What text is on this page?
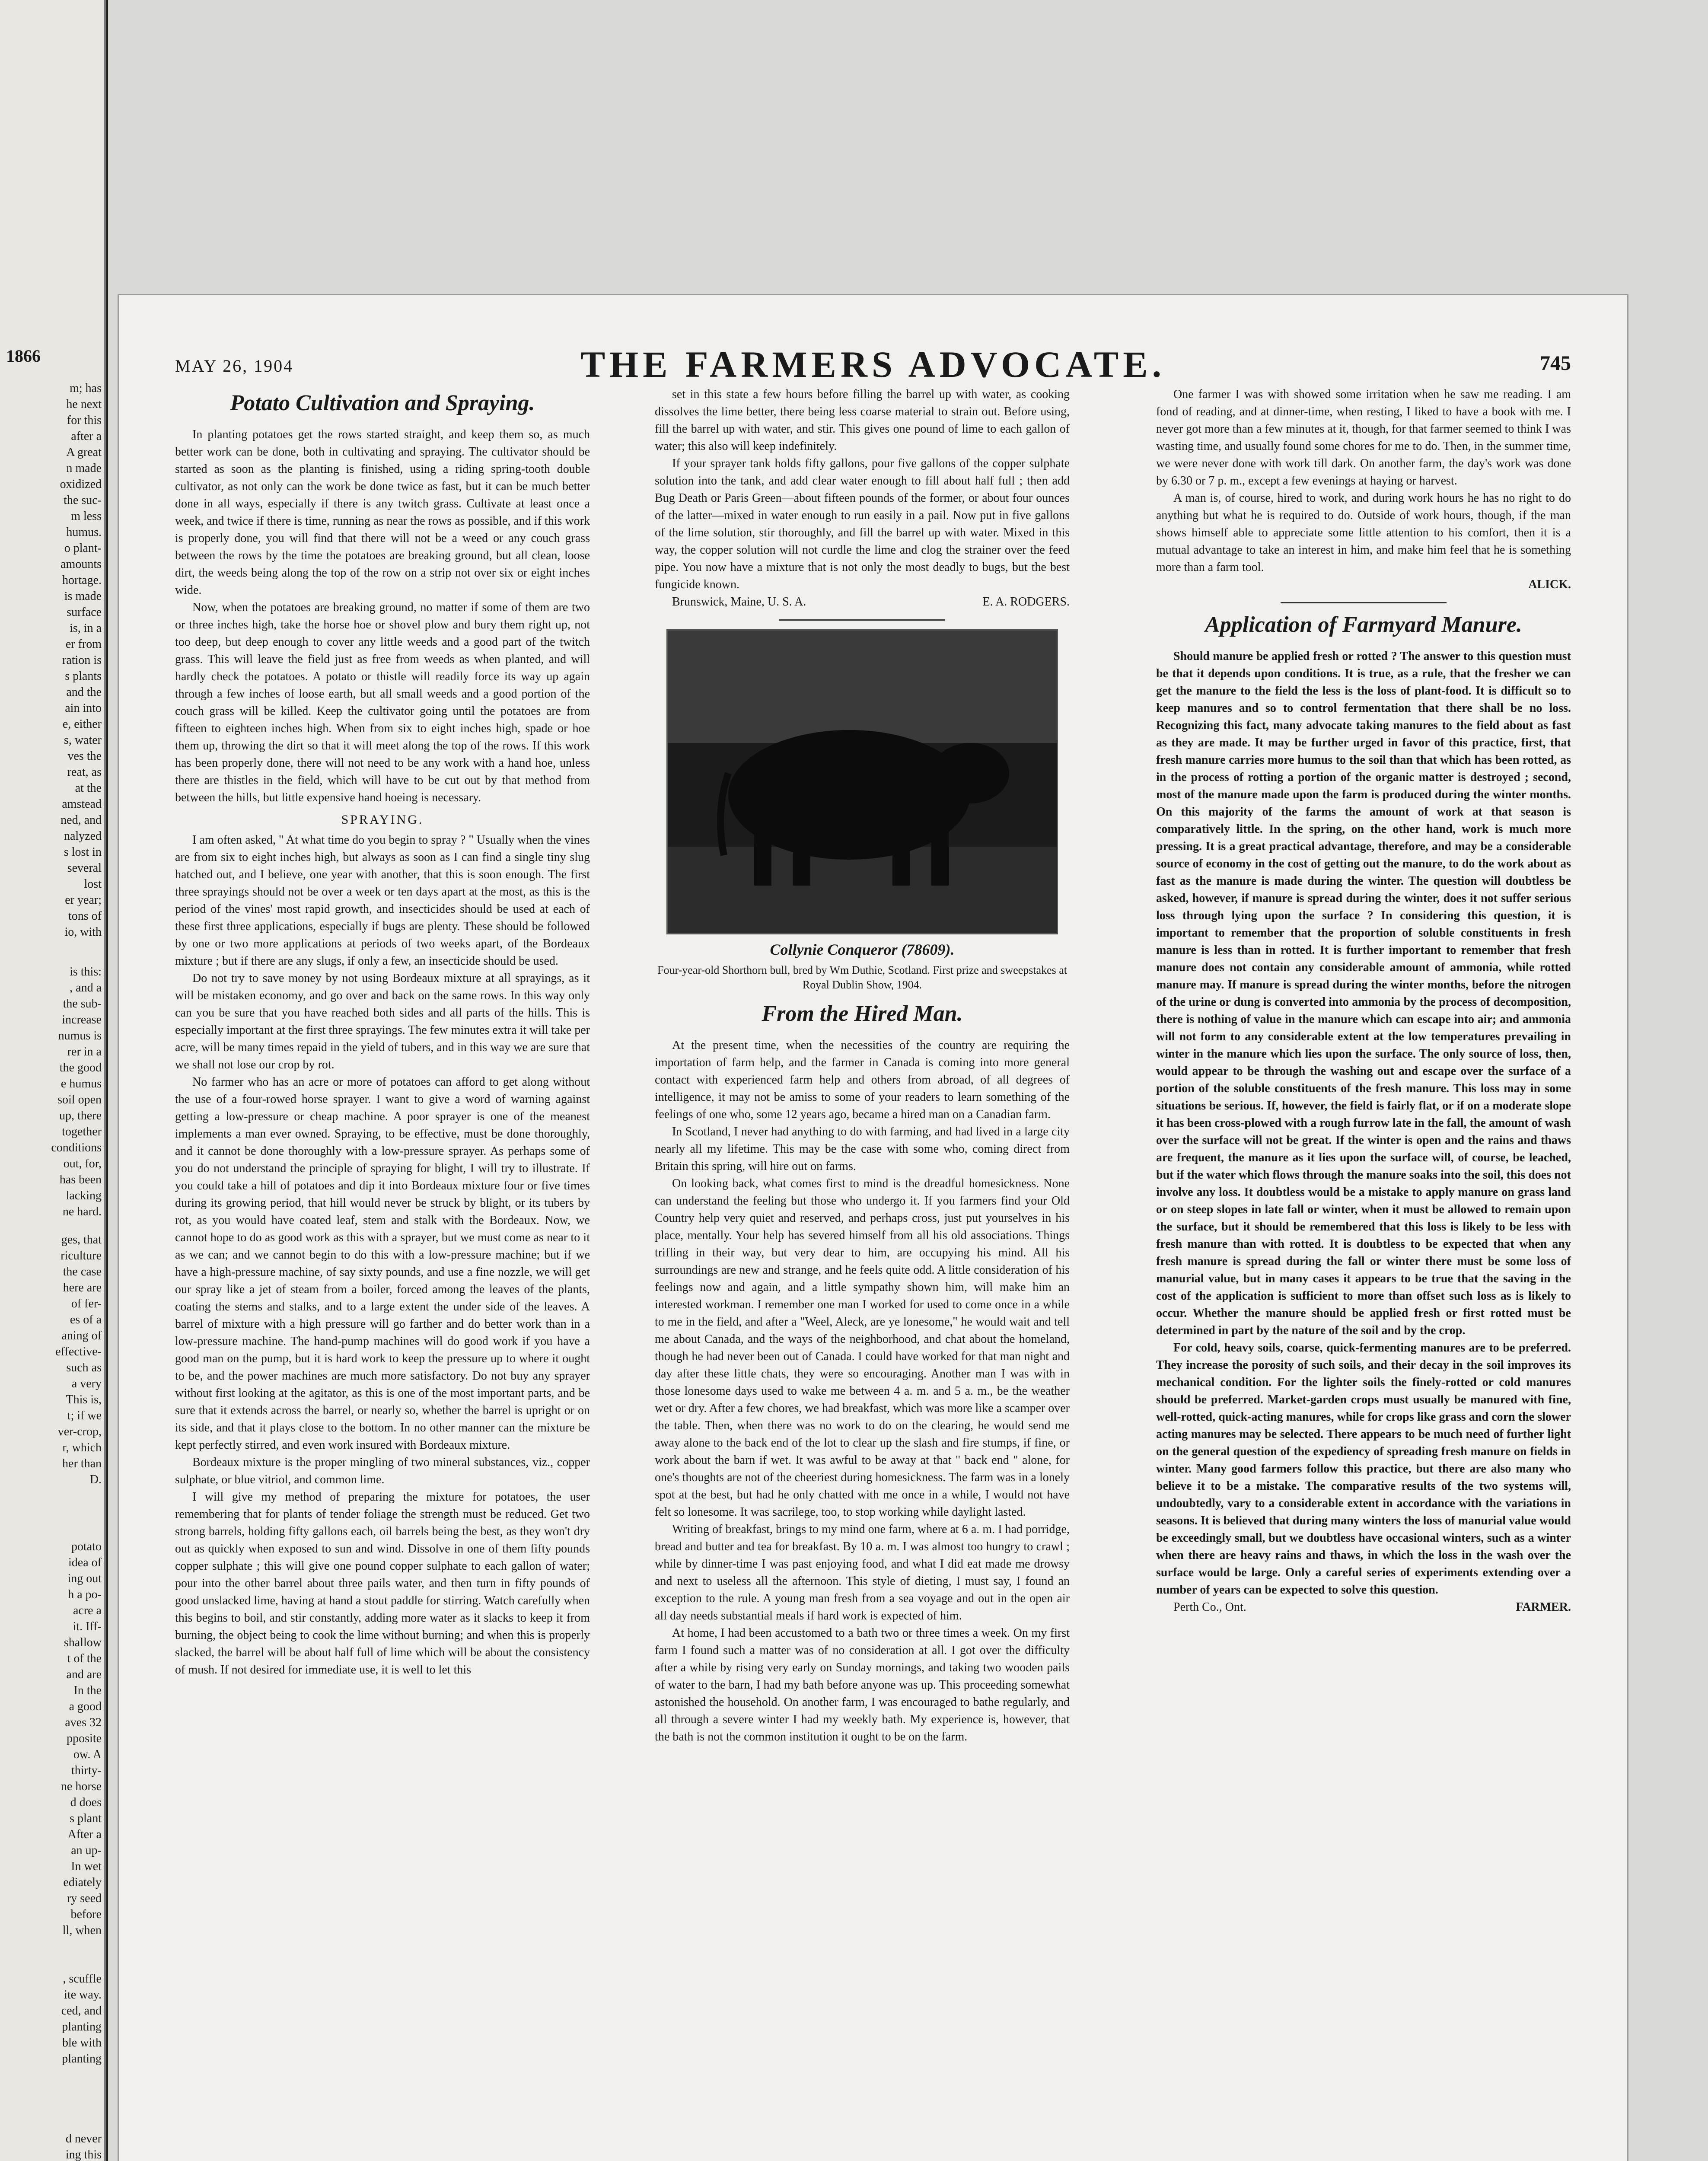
1866
m; has
he next
for this
after a
A great
n made
oxidized
the suc-
m less
humus.
o plant-
amounts
hortage.
is made
surface
is, in a
er from
ration is
s plants
and the
ain into
e, either
s, water
ves the
reat, as
at the
amstead
ned, and
nalyzed
s lost in
several
lost
er year;
tons of
io, with
is this:
, and a
the sub-
increase
numus is
rer in a
the good
e humus
soil open
up, there
together
conditions
out, for,
has been
lacking
ne hard.
ges, that
riculture
the case
here are
of fer-
es of a
aning of
effective-
such as
a very
This is,
t; if we
ver-crop,
r, which
her than
D.
potato
idea of
ing out
h a po-
acre a
it. Iff-
shallow
t of the
and are
In the
a good
aves 32
pposite
ow. A
thirty-
ne horse
d does
s plant
After a
an up-
In wet
ediately
ry seed
before
ll, when
, scuffle
ite way.
ced, and
planting
ble with
planting
d never
ing this

MAY 26, 1904	THE FARMERS ADVOCATE.	745
Potato Cultivation and Spraying.

In planting potatoes get the rows started straight, and keep them so, as much better work can be done, both in cultivating and spraying. The cultivator should be started as soon as the planting is finished, using a riding spring-tooth double cultivator, as not only can the work be done twice as fast, but it can be much better done in all ways, especially if there is any twitch grass. Cultivate at least once a week, and twice if there is time, running as near the rows as possible, and if this work is properly done, you will find that there will not be a weed or any couch grass between the rows by the time the potatoes are breaking ground, but all clean, loose dirt, the weeds being along the top of the row on a strip not over six or eight inches wide.

Now, when the potatoes are breaking ground, no matter if some of them are two or three inches high, take the horse hoe or shovel plow and bury them right up, not too deep, but deep enough to cover any little weeds and a good part of the twitch grass. This will leave the field just as free from weeds as when planted, and will hardly check the potatoes. A potato or thistle will readily force its way up again through a few inches of loose earth, but all small weeds and a good portion of the couch grass will be killed. Keep the cultivator going until the potatoes are from fifteen to eighteen inches high. When from six to eight inches high, spade or hoe them up, throwing the dirt so that it will meet along the top of the rows. If this work has been properly done, there will not need to be any work with a hand hoe, unless there are thistles in the field, which will have to be cut out by that method from between the hills, but little expensive hand hoeing is necessary.

SPRAYING.

I am often asked, " At what time do you begin to spray ? " Usually when the vines are from six to eight inches high, but always as soon as I can find a single tiny slug hatched out, and I believe, one year with another, that this is soon enough. The first three sprayings should not be over a week or ten days apart at the most, as this is the period of the vines' most rapid growth, and insecticides should be used at each of these first three applications, especially if bugs are plenty. These should be followed by one or two more applications at periods of two weeks apart, of the Bordeaux mixture ; but if there are any slugs, if only a few, an insecticide should be used.

Do not try to save money by not using Bordeaux mixture at all sprayings, as it will be mistaken economy, and go over and back on the same rows. In this way only can you be sure that you have reached both sides and all parts of the hills. This is especially important at the first three sprayings. The few minutes extra it will take per acre, will be many times repaid in the yield of tubers, and in this way we are sure that we shall not lose our crop by rot.

No farmer who has an acre or more of potatoes can afford to get along without the use of a four-rowed horse sprayer. I want to give a word of warning against getting a low-pressure or cheap machine. A poor sprayer is one of the meanest implements a man ever owned. Spraying, to be effective, must be done thoroughly, and it cannot be done thoroughly with a low-pressure sprayer. As perhaps some of you do not understand the principle of spraying for blight, I will try to illustrate. If you could take a hill of potatoes and dip it into Bordeaux mixture four or five times during its growing period, that hill would never be struck by blight, or its tubers by rot, as you would have coated leaf, stem and stalk with the Bordeaux. Now, we cannot hope to do as good work as this with a sprayer, but we must come as near to it as we can; and we cannot begin to do this with a low-pressure machine; but if we have a high-pressure machine, of say sixty pounds, and use a fine nozzle, we will get our spray like a jet of steam from a boiler, forced among the leaves of the plants, coating the stems and stalks, and to a large extent the under side of the leaves. A barrel of mixture with a high pressure will go farther and do better work than in a low-pressure machine. The hand-pump machines will do good work if you have a good man on the pump, but it is hard work to keep the pressure up to where it ought to be, and the power machines are much more satisfactory. Do not buy any sprayer without first looking at the agitator, as this is one of the most important parts, and be sure that it extends across the barrel, or nearly so, whether the barrel is upright or on its side, and that it plays close to the bottom. In no other manner can the mixture be kept perfectly stirred, and even work insured with Bordeaux mixture.

Bordeaux mixture is the proper mingling of two mineral substances, viz., copper sulphate, or blue vitriol, and common lime.

I will give my method of preparing the mixture for potatoes, the user remembering that for plants of tender foliage the strength must be reduced. Get two strong barrels, holding fifty gallons each, oil barrels being the best, as they won't dry out as quickly when exposed to sun and wind. Dissolve in one of them fifty pounds copper sulphate ; this will give one pound copper sulphate to each gallon of water; pour into the other barrel about three pails water, and then turn in fifty pounds of good unslacked lime, having at hand a stout paddle for stirring. Watch carefully when this begins to boil, and stir constantly, adding more water as it slacks to keep it from burning, the object being to cook the lime without burning; and when this is properly slacked, the barrel will be about half full of lime which will be about the consistency of mush. If not desired for immediate use, it is well to let this

set in this state a few hours before filling the barrel up with water, as cooking dissolves the lime better, there being less coarse material to strain out. Before using, fill the barrel up with water, and stir. This gives one pound of lime to each gallon of water; this also will keep indefinitely.

If your sprayer tank holds fifty gallons, pour five gallons of the copper sulphate solution into the tank, and add clear water enough to fill about half full ; then add Bug Death or Paris Green—about fifteen pounds of the former, or about four ounces of the latter—mixed in water enough to run easily in a pail. Now put in five gallons of the lime solution, stir thoroughly, and fill the barrel up with water. Mixed in this way, the copper solution will not curdle the lime and clog the strainer over the feed pipe. You now have a mixture that is not only the most deadly to bugs, but the best fungicide known.

Brunswick, Maine, U. S. A.	E. A. RODGERS.
Collynie Conqueror (78609).
Four-year-old Shorthorn bull, bred by Wm Duthie, Scotland. First prize and sweepstakes at Royal Dublin Show, 1904.
From the Hired Man.

At the present time, when the necessities of the country are requiring the importation of farm help, and the farmer in Canada is coming into more general contact with experienced farm help and others from abroad, of all degrees of intelligence, it may not be amiss to some of your readers to learn something of the feelings of one who, some 12 years ago, became a hired man on a Canadian farm.

In Scotland, I never had anything to do with farming, and had lived in a large city nearly all my lifetime. This may be the case with some who, coming direct from Britain this spring, will hire out on farms.

On looking back, what comes first to mind is the dreadful homesickness. None can understand the feeling but those who undergo it. If you farmers find your Old Country help very quiet and reserved, and perhaps cross, just put yourselves in his place, mentally. Your help has severed himself from all his old associations. Things trifling in their way, but very dear to him, are occupying his mind. All his surroundings are new and strange, and he feels quite odd. A little consideration of his feelings now and again, and a little sympathy shown him, will make him an interested workman. I remember one man I worked for used to come once in a while to me in the field, and after a "Weel, Aleck, are ye lonesome," he would wait and tell me about Canada, and the ways of the neighborhood, and chat about the homeland, though he had never been out of Canada. I could have worked for that man night and day after these little chats, they were so encouraging. Another man I was with in those lonesome days used to wake me between 4 a. m. and 5 a. m., be the weather wet or dry. After a few chores, we had breakfast, which was more like a scamper over the table. Then, when there was no work to do on the clearing, he would send me away alone to the back end of the lot to clear up the slash and fire stumps, if fine, or work about the barn if wet. It was awful to be away at that " back end " alone, for one's thoughts are not of the cheeriest during homesickness. The farm was in a lonely spot at the best, but had he only chatted with me once in a while, I would not have felt so lonesome. It was sacrilege, too, to stop working while daylight lasted.

Writing of breakfast, brings to my mind one farm, where at 6 a. m. I had porridge, bread and butter and tea for breakfast. By 10 a. m. I was almost too hungry to crawl ; while by dinner-time I was past enjoying food, and what I did eat made me drowsy and next to useless all the afternoon. This style of dieting, I must say, I found an exception to the rule. A young man fresh from a sea voyage and out in the open air all day needs substantial meals if hard work is expected of him.

At home, I had been accustomed to a bath two or three times a week. On my first farm I found such a matter was of no consideration at all. I got over the difficulty after a while by rising very early on Sunday mornings, and taking two wooden pails of water to the barn, I had my bath before anyone was up. This proceeding somewhat astonished the household. On another farm, I was encouraged to bathe regularly, and all through a severe winter I had my weekly bath. My experience is, however, that the bath is not the common institution it ought to be on the farm.

One farmer I was with showed some irritation when he saw me reading. I am fond of reading, and at dinner-time, when resting, I liked to have a book with me. I never got more than a few minutes at it, though, for that farmer seemed to think I was wasting time, and usually found some chores for me to do. Then, in the summer time, we were never done with work till dark. On another farm, the day's work was done by 6.30 or 7 p. m., except a few evenings at haying or harvest.

A man is, of course, hired to work, and during work hours he has no right to do anything but what he is required to do. Outside of work hours, though, if the man shows himself able to appreciate some little attention to his comfort, then it is a mutual advantage to take an interest in him, and make him feel that he is something more than a farm tool.

ALICK.
Application of Farmyard Manure.

Should manure be applied fresh or rotted ? The answer to this question must be that it depends upon conditions. It is true, as a rule, that the fresher we can get the manure to the field the less is the loss of plant-food. It is difficult so to keep manures and so to control fermentation that there shall be no loss. Recognizing this fact, many advocate taking manures to the field about as fast as they are made. It may be further urged in favor of this practice, first, that fresh manure carries more humus to the soil than that which has been rotted, as in the process of rotting a portion of the organic matter is destroyed ; second, most of the manure made upon the farm is produced during the winter months. On this majority of the farms the amount of work at that season is comparatively little. In the spring, on the other hand, work is much more pressing. It is a great practical advantage, therefore, and may be a considerable source of economy in the cost of getting out the manure, to do the work about as fast as the manure is made during the winter. The question will doubtless be asked, however, if manure is spread during the winter, does it not suffer serious loss through lying upon the surface ? In considering this question, it is important to remember that the proportion of soluble constituents in fresh manure is less than in rotted. It is further important to remember that fresh manure does not contain any considerable amount of ammonia, while rotted manure may. If manure is spread during the winter months, before the nitrogen of the urine or dung is converted into ammonia by the process of decomposition, there is nothing of value in the manure which can escape into air; and ammonia will not form to any considerable extent at the low temperatures prevailing in winter in the manure which lies upon the surface. The only source of loss, then, would appear to be through the washing out and escape over the surface of a portion of the soluble constituents of the fresh manure. This loss may in some situations be serious. If, however, the field is fairly flat, or if on a moderate slope it has been cross-plowed with a rough furrow late in the fall, the amount of wash over the surface will not be great. If the winter is open and the rains and thaws are frequent, the manure as it lies upon the surface will, of course, be leached, but if the water which flows through the manure soaks into the soil, this does not involve any loss. It doubtless would be a mistake to apply manure on grass land or on steep slopes in late fall or winter, when it must be allowed to remain upon the surface, but it should be remembered that this loss is likely to be less with fresh manure than with rotted. It is doubtless to be expected that when any fresh manure is spread during the fall or winter there must be some loss of manurial value, but in many cases it appears to be true that the saving in the cost of the application is sufficient to more than offset such loss as is likely to occur. Whether the manure should be applied fresh or first rotted must be determined in part by the nature of the soil and by the crop.

For cold, heavy soils, coarse, quick-fermenting manures are to be preferred. They increase the porosity of such soils, and their decay in the soil improves its mechanical condition. For the lighter soils the finely-rotted or cold manures should be preferred. Market-garden crops must usually be manured with fine, well-rotted, quick-acting manures, while for crops like grass and corn the slower acting manures may be selected. There appears to be much need of further light on the general question of the expediency of spreading fresh manure on fields in winter. Many good farmers follow this practice, but there are also many who believe it to be a mistake. The comparative results of the two systems will, undoubtedly, vary to a considerable extent in accordance with the variations in seasons. It is believed that during many winters the loss of manurial value would be exceedingly small, but we doubtless have occasional winters, such as a winter when there are heavy rains and thaws, in which the loss in the wash over the surface would be large. Only a careful series of experiments extending over a number of years can be expected to solve this question.

Perth Co., Ont.	FARMER.
